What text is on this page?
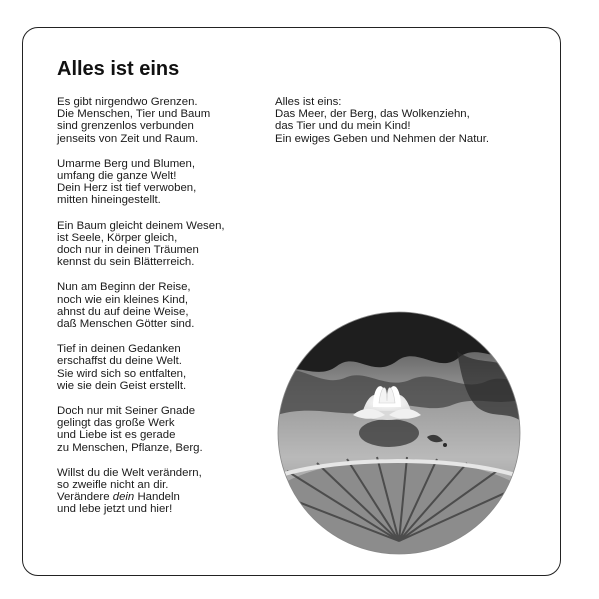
Alles ist eins
Es gibt nirgendwo Grenzen.
Die Menschen, Tier und Baum
sind grenzenlos verbunden
jenseits von Zeit und Raum.
Umarme Berg und Blumen,
umfang die ganze Welt!
Dein Herz ist tief verwoben,
mitten hineingestellt.
Ein Baum gleicht deinem Wesen,
ist Seele, Körper gleich,
doch nur in deinen Träumen
kennst du sein Blätterreich.
Nun am Beginn der Reise,
noch wie ein kleines Kind,
ahnst du auf deine Weise,
daß Menschen Götter sind.
Tief in deinen Gedanken
erschaffst du deine Welt.
Sie wird sich so entfalten,
wie sie dein Geist erstellt.
Doch nur mit Seiner Gnade
gelingt das große Werk
und Liebe ist es gerade
zu Menschen, Pflanze, Berg.
Willst du die Welt verändern,
so zweifle nicht an dir.
Verändere dein Handeln
und lebe jetzt und hier!
Alles ist eins:
Das Meer, der Berg, das Wolkenziehn,
das Tier und du mein Kind!
Ein ewiges Geben und Nehmen der Natur.
